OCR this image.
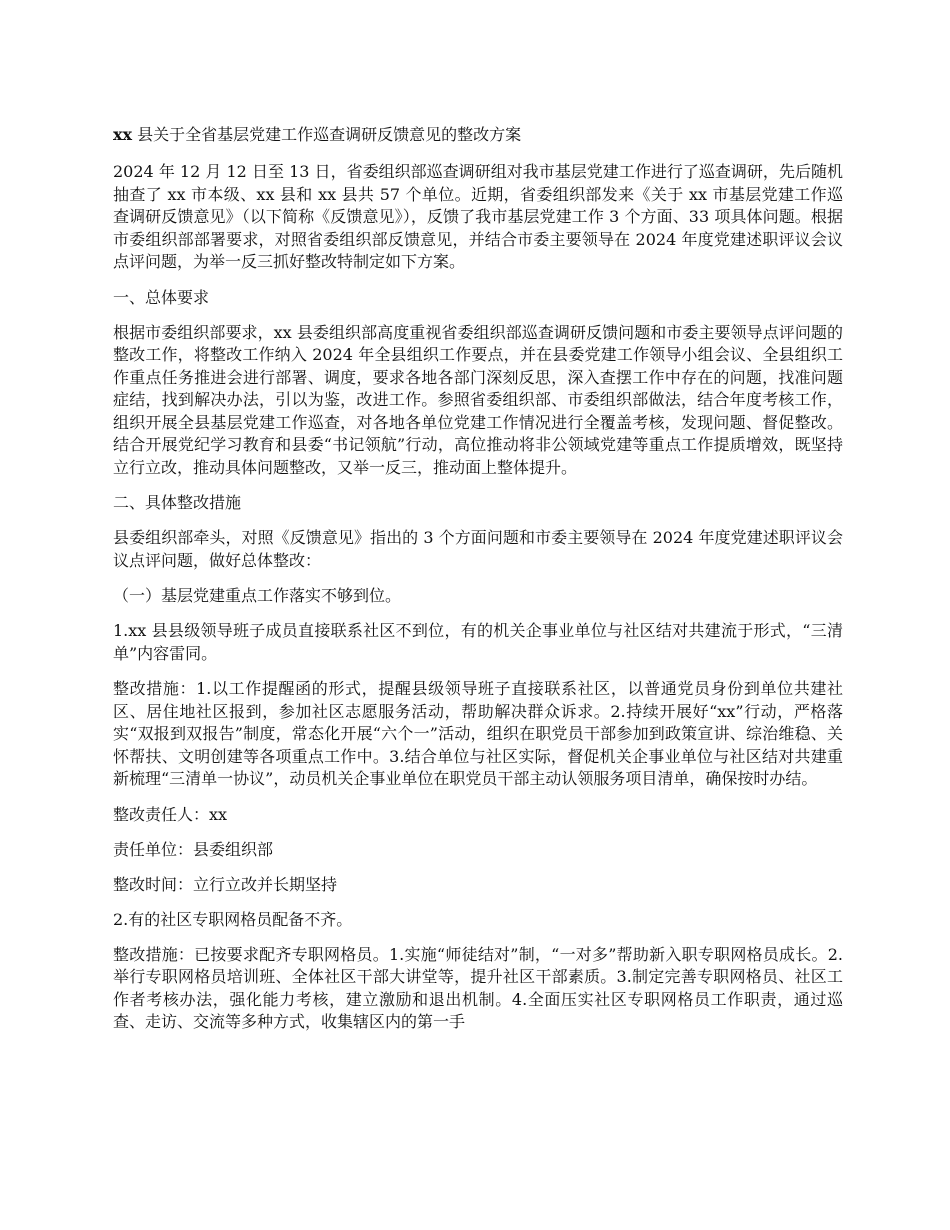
xx 县关于全省基层党建工作巡查调研反馈意见的整改方案
2024 年 12 月 12 日至 13 日，省委组织部巡查调研组对我市基层党建工作进行了巡查调研，先后随机抽查了 xx 市本级、xx 县和 xx 县共 57 个单位。近期，省委组织部发来《关于 xx 市基层党建工作巡查调研反馈意见》（以下简称《反馈意见》），反馈了我市基层党建工作 3 个方面、33 项具体问题。根据市委组织部部署要求，对照省委组织部反馈意见，并结合市委主要领导在 2024 年度党建述职评议会议点评问题，为举一反三抓好整改特制定如下方案。
一、总体要求
根据市委组织部要求，xx 县委组织部高度重视省委组织部巡查调研反馈问题和市委主要领导点评问题的整改工作，将整改工作纳入 2024 年全县组织工作要点，并在县委党建工作领导小组会议、全县组织工作重点任务推进会进行部署、调度，要求各地各部门深刻反思，深入查摆工作中存在的问题，找准问题症结，找到解决办法，引以为鉴，改进工作。参照省委组织部、市委组织部做法，结合年度考核工作，组织开展全县基层党建工作巡查，对各地各单位党建工作情况进行全覆盖考核，发现问题、督促整改。结合开展党纪学习教育和县委“书记领航”行动，高位推动将非公领域党建等重点工作提质增效，既坚持立行立改，推动具体问题整改，又举一反三，推动面上整体提升。
二、具体整改措施
县委组织部牵头，对照《反馈意见》指出的 3 个方面问题和市委主要领导在 2024 年度党建述职评议会议点评问题，做好总体整改：
（一）基层党建重点工作落实不够到位。
1.xx 县县级领导班子成员直接联系社区不到位，有的机关企事业单位与社区结对共建流于形式，“三清单”内容雷同。
整改措施：1.以工作提醒函的形式，提醒县级领导班子直接联系社区，以普通党员身份到单位共建社区、居住地社区报到，参加社区志愿服务活动，帮助解决群众诉求。2.持续开展好“xx”行动，严格落实“双报到双报告”制度，常态化开展“六个一”活动，组织在职党员干部参加到政策宣讲、综治维稳、关怀帮扶、文明创建等各项重点工作中。3.结合单位与社区实际，督促机关企事业单位与社区结对共建重新梳理“三清单一协议”，动员机关企事业单位在职党员干部主动认领服务项目清单，确保按时办结。
整改责任人：xx
责任单位：县委组织部
整改时间：立行立改并长期坚持
2.有的社区专职网格员配备不齐。
整改措施：已按要求配齐专职网格员。1.实施“师徒结对”制，“一对多”帮助新入职专职网格员成长。2.举行专职网格员培训班、全体社区干部大讲堂等，提升社区干部素质。3.制定完善专职网格员、社区工作者考核办法，强化能力考核，建立激励和退出机制。4.全面压实社区专职网格员工作职责，通过巡查、走访、交流等多种方式，收集辖区内的第一手
